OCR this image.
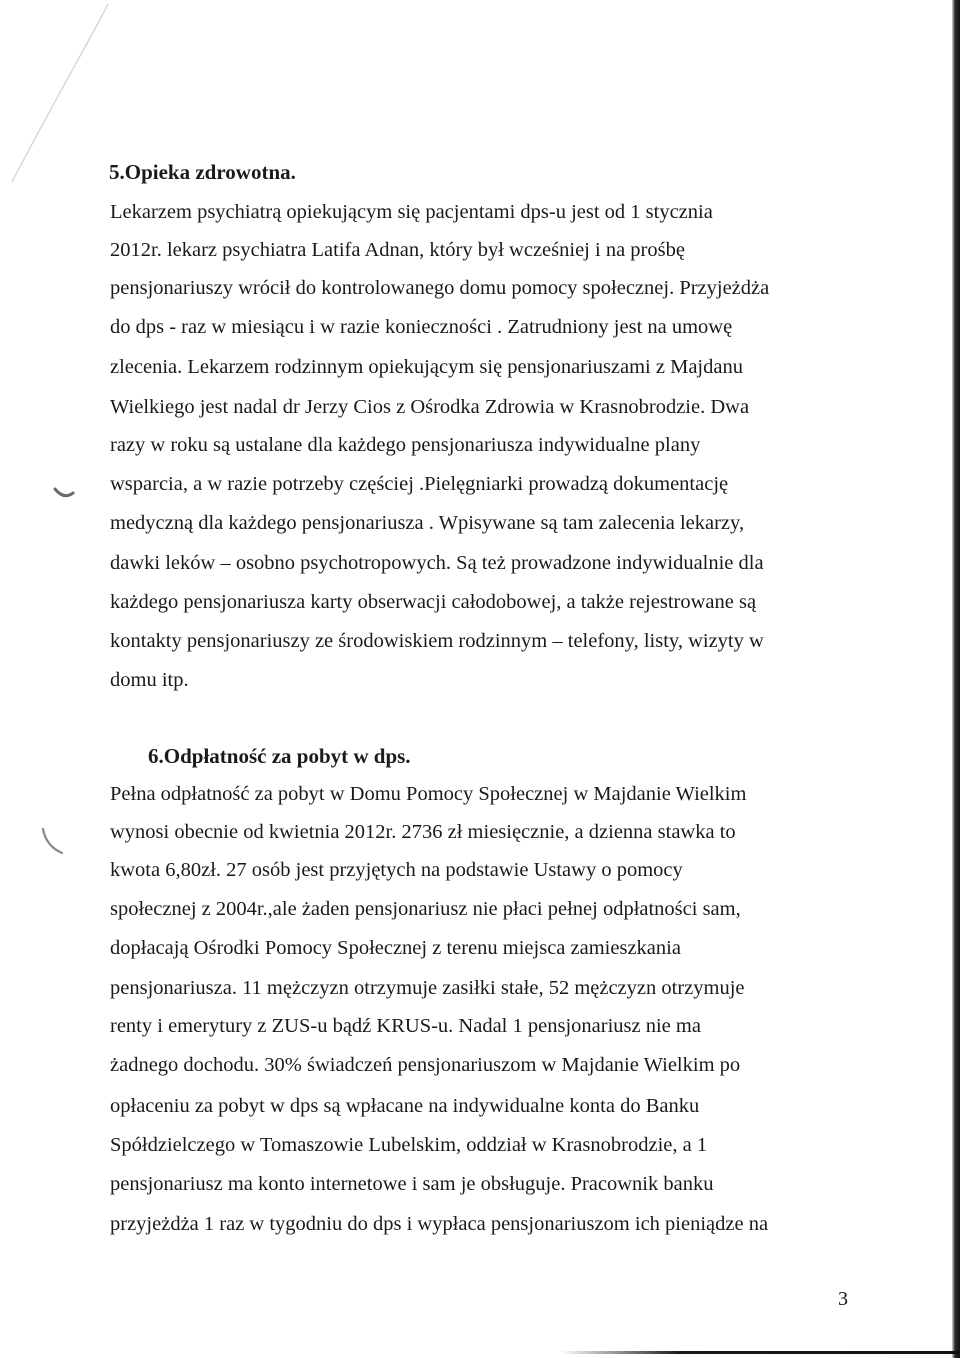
5.Opieka zdrowotna.
Lekarzem psychiatrą opiekującym się pacjentami dps-u jest od 1 stycznia
2012r. lekarz psychiatra Latifa Adnan, który był wcześniej i na prośbę
pensjonariuszy wrócił do kontrolowanego domu pomocy społecznej. Przyjeżdża
do dps - raz w miesiącu i w razie konieczności . Zatrudniony jest na umowę
zlecenia. Lekarzem rodzinnym opiekującym się pensjonariuszami z Majdanu
Wielkiego jest nadal dr Jerzy Cios z Ośrodka Zdrowia w Krasnobrodzie. Dwa
razy w roku są ustalane dla każdego pensjonariusza indywidualne plany
wsparcia, a w razie potrzeby częściej .Pielęgniarki prowadzą dokumentację
medyczną dla każdego pensjonariusza . Wpisywane są tam zalecenia lekarzy,
dawki leków – osobno psychotropowych. Są też prowadzone indywidualnie dla
każdego pensjonariusza karty obserwacji całodobowej, a także rejestrowane są
kontakty pensjonariuszy ze środowiskiem rodzinnym – telefony, listy, wizyty w
domu itp.
6.Odpłatność za pobyt w dps.
Pełna odpłatność za pobyt w Domu Pomocy Społecznej w Majdanie Wielkim
wynosi obecnie od kwietnia 2012r. 2736 zł miesięcznie, a dzienna stawka to
kwota 6,80zł. 27 osób jest przyjętych na podstawie Ustawy o pomocy
społecznej z 2004r.,ale żaden pensjonariusz nie płaci pełnej odpłatności sam,
dopłacają Ośrodki Pomocy Społecznej z terenu miejsca zamieszkania
pensjonariusza. 11 mężczyzn otrzymuje zasiłki stałe, 52 mężczyzn otrzymuje
renty i emerytury z ZUS-u bądź KRUS-u. Nadal 1 pensjonariusz nie ma
żadnego dochodu. 30% świadczeń pensjonariuszom w Majdanie Wielkim po
opłaceniu za pobyt w dps są wpłacane na indywidualne konta do Banku
Spółdzielczego w Tomaszowie Lubelskim, oddział w Krasnobrodzie, a 1
pensjonariusz ma konto internetowe i sam je obsługuje. Pracownik banku
przyjeżdża 1 raz w tygodniu do dps i wypłaca pensjonariuszom ich pieniądze na
3
